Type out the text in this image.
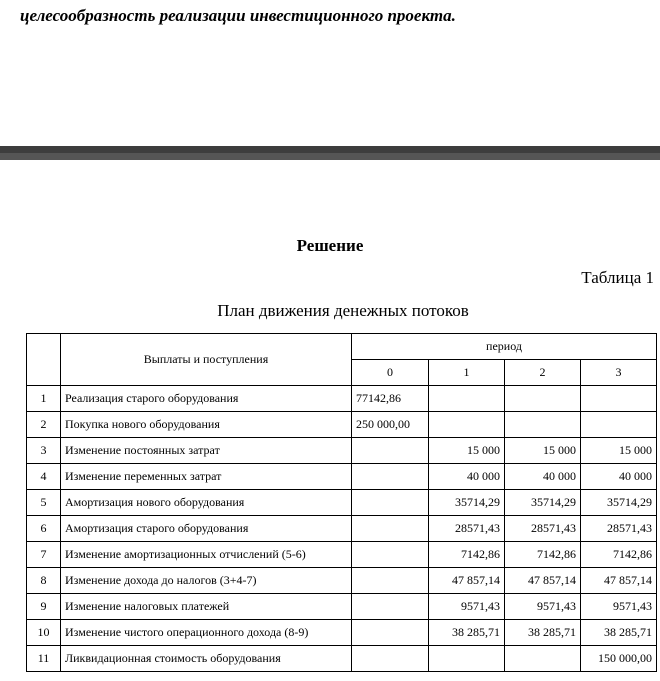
целесообразность реализации инвестиционного проекта.
Решение
Таблица 1
План движения денежных потоков
	Выплаты и поступления	период			
		0	1	2	3
1	Реализация старого оборудования	77142,86			
2	Покупка нового оборудования	250 000,00			
3	Изменение постоянных затрат		15 000	15 000	15 000
4	Изменение переменных затрат		40 000	40 000	40 000
5	Амортизация нового оборудования		35714,29	35714,29	35714,29
6	Амортизация старого оборудования		28571,43	28571,43	28571,43
7	Изменение амортизационных отчислений (5-6)		7142,86	7142,86	7142,86
8	Изменение дохода до налогов (3+4-7)		47 857,14	47 857,14	47 857,14
9	Изменение налоговых платежей		9571,43	9571,43	9571,43
10	Изменение чистого операционного дохода (8-9)		38 285,71	38 285,71	38 285,71
11	Ликвидационная стоимость оборудования				150 000,00
